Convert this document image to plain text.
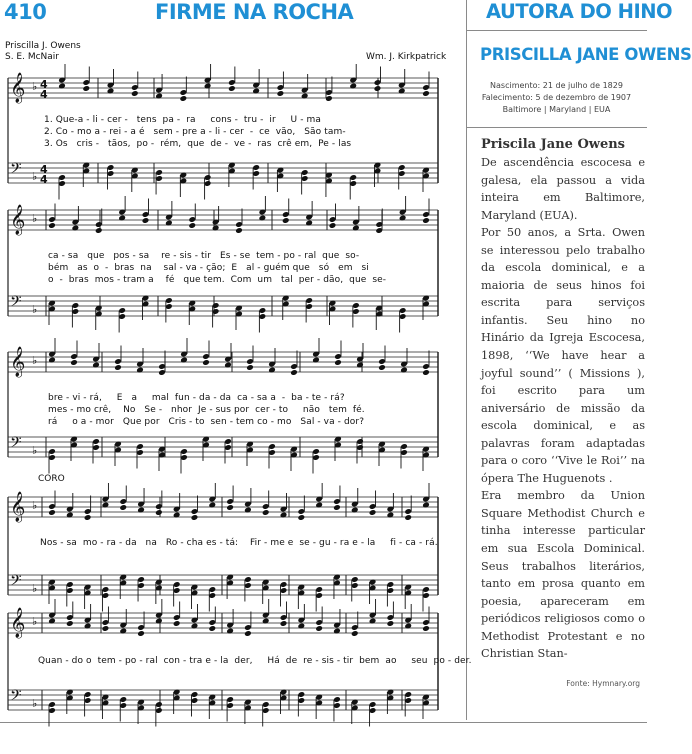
410	FIRME NA ROCHA	AUTORA DO HINO
Priscilla J. Owens
S. E. McNair	Wm. J. Kirkpatrick
𝄞 ♭ 4
4
𝄢 ♭
4
4
𝄞 ♭
𝄢 ♭
𝄞 ♭
𝄢 ♭
𝄞 ♭
𝄢 ♭
𝄞 ♭
𝄢 ♭
1. Que-a - li - cer -   tens  pa -  ra     cons -  tru -  ir     U - ma
2. Co - mo a - rei - a é   sem - pre a - li - cer  -  ce  vão,   São tam-
3. Os   cris -   tãos,  po -  rém,  que  de -  ve -  ras  crê em,  Pe - las
ca - sa   que   pos - sa    re - sis - tir   Es - se  tem - po - ral  que  so-
bém   as  o  -  bras  na    sal - va - ção;  E   al - guém que   só   em   si
o  -  bras  mos - tram a    fé   que tem.  Com  um   tal  per - dão,  que  se-
bre - vi - rá,     E   a     mal  fun - da - da  ca - sa a  -  ba - te - rá?
mes - mo crê,    No   Se -   nhor  Je - sus por  cer - to     não   tem  fé.
rá     o a - mor   Que por   Cris - to  sen - tem co - mo   Sal - va - dor?
CORO
Nos - sa  mo - ra - da   na   Ro - cha es - tá:    Fir - me e  se - gu - ra e - la     fi - ca - rá.
Quan - do o  tem - po - ral  con - tra e - la  der,     Há  de  re - sis - tir  bem  ao     seu  po - der.
PRISCILLA JANE OWENS
Nascimento: 21 de julho de 1829
Falecimento: 5 de dezembro de 1907
Baltimore | Maryland | EUA
Priscila Jane Owens

De ascendência escocesa e galesa, ela passou a vida inteira em Baltimore, Maryland (EUA).

Por 50 anos, a Srta. Owen se interessou pelo trabalho da escola dominical, e a maioria de seus hinos foi escrita para serviços infantis. Seu hino no Hinário da Igreja Escocesa, 1898, ‘‘We have hear a joyful sound’’ ( Missions ), foi escrito para um aniversário de missão da escola dominical, e as palavras foram adaptadas para o coro ‘‘Vive le Roi’’ na ópera The Huguenots .

Era membro da Union Square Methodist Church e tinha interesse particular em sua Escola Dominical. Seus trabalhos literários, tanto em prosa quanto em poesia, apareceram em periódicos religiosos como o Methodist Protestant e no Christian Stan-

Fonte: Hymnary.org
